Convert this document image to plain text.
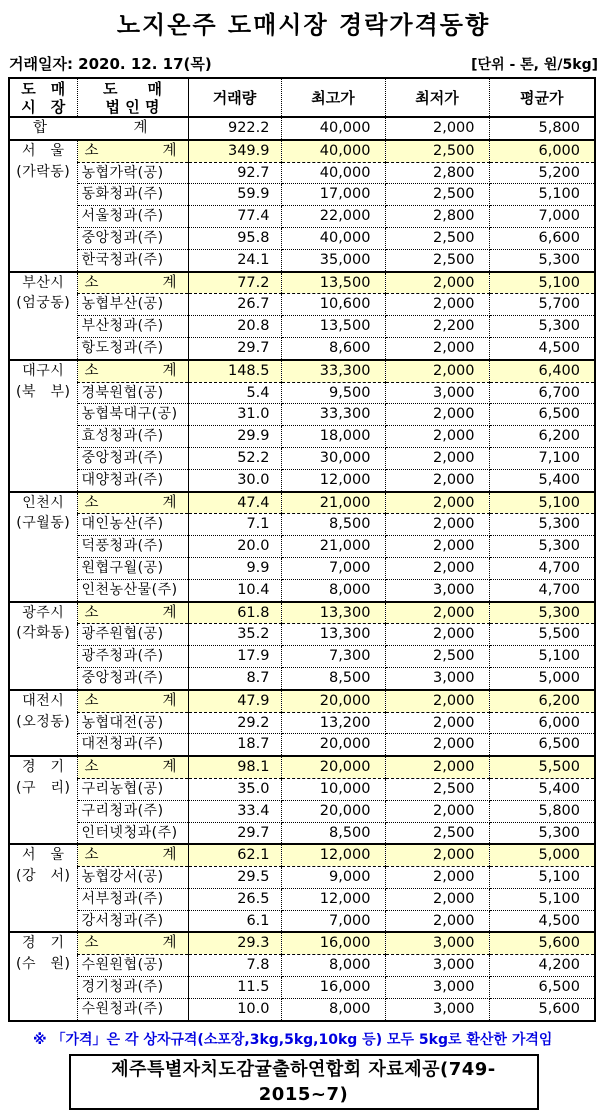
노지온주 도매시장 경락가격동향
거래일자: 2020. 12. 17(목)	[단위 - 톤, 원/5kg]
도　매
시　장

도　　매
법 인 명	거래량	최고가	최저가	평균가

합 계		922.2	40,000	2,000	5,800

서　울
(가락동)

소	계	349.9	40,000	2,500	6,000
	농협가락(공)	92.7	40,000	2,800	5,200
	동화청과(주)	59.9	17,000	2,500	5,100
	서울청과(주)	77.4	22,000	2,800	7,000
	중앙청과(주)	95.8	40,000	2,500	6,600
	한국청과(주)	24.1	35,000	2,500	5,300

부산시
(엄궁동)

소	계	77.2	13,500	2,000	5,100
	농협부산(공)	26.7	10,600	2,000	5,700
	부산청과(주)	20.8	13,500	2,200	5,300
	항도청과(주)	29.7	8,600	2,000	4,500

대구시
(북　부)

소	계	148.5	33,300	2,000	6,400
	경북원협(공)	5.4	9,500	3,000	6,700
	농협북대구(공)	31.0	33,300	2,000	6,500
	효성청과(주)	29.9	18,000	2,000	6,200
	중앙청과(주)	52.2	30,000	2,000	7,100
	대양청과(주)	30.0	12,000	2,000	5,400

인천시
(구월동)

소	계	47.4	21,000	2,000	5,100
	대인농산(주)	7.1	8,500	2,000	5,300
	덕풍청과(주)	20.0	21,000	2,000	5,300
	원협구월(공)	9.9	7,000	2,000	4,700
	인천농산물(주)	10.4	8,000	3,000	4,700

광주시
(각화동)

소	계	61.8	13,300	2,000	5,300
	광주원협(공)	35.2	13,300	2,000	5,500
	광주청과(주)	17.9	7,300	2,500	5,100
	중앙청과(주)	8.7	8,500	3,000	5,000

대전시
(오정동)

소	계	47.9	20,000	2,000	6,200
	농협대전(공)	29.2	13,200	2,000	6,000
	대전청과(주)	18.7	20,000	2,000	6,500

경　기
(구　리)

소	계	98.1	20,000	2,000	5,500
	구리농협(공)	35.0	10,000	2,500	5,400
	구리청과(주)	33.4	20,000	2,000	5,800
	인터넷청과(주)	29.7	8,500	2,500	5,300

서　울
(강　서)

소	계	62.1	12,000	2,000	5,000
	농협강서(공)	29.5	9,000	2,000	5,100
	서부청과(주)	26.5	12,000	2,000	5,100
	강서청과(주)	6.1	7,000	2,000	4,500

경　기
(수　원)

소	계	29.3	16,000	3,000	5,600
	수원원협(공)	7.8	8,000	3,000	4,200
	경기청과(주)	11.5	16,000	3,000	6,500
	수원청과(주)	10.0	8,000	3,000	5,600
※ 「가격」은 각 상자규격(소포장,3kg,5kg,10kg 등) 모두 5kg로 환산한 가격임
제주특별자치도감귤출하연합회 자료제공(749-2015~7)
